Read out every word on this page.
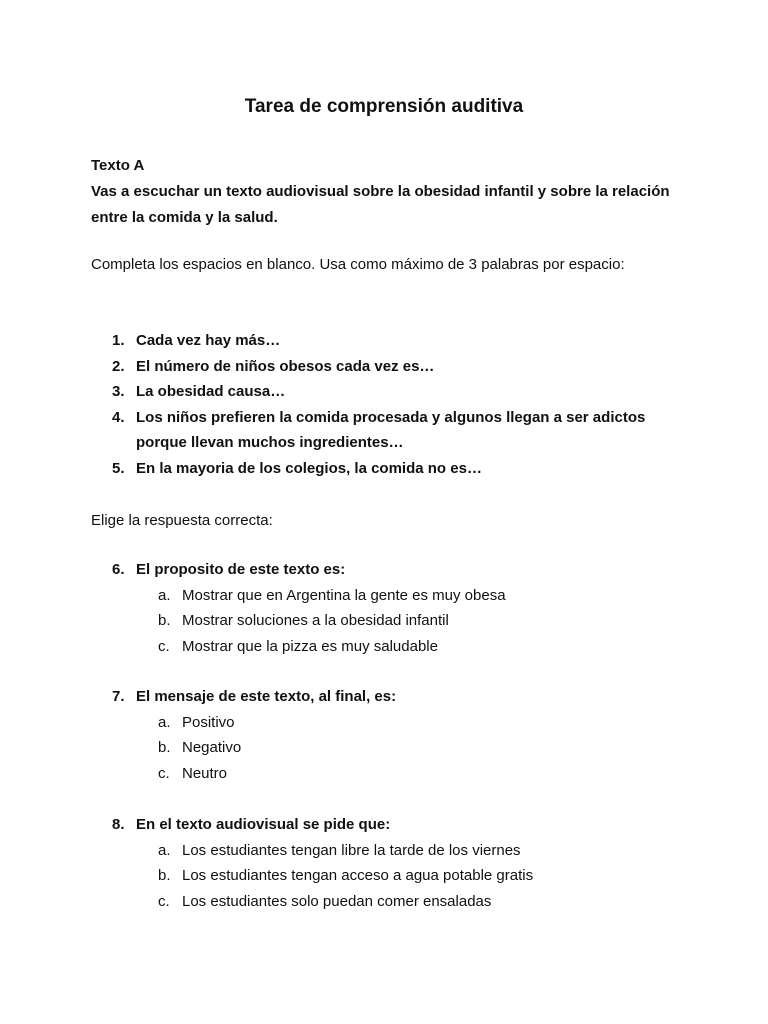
Tarea de comprensión auditiva
Texto A
Vas a escuchar un texto audiovisual sobre la obesidad infantil y sobre la relación entre la comida y la salud.
Completa los espacios en blanco. Usa como máximo de 3 palabras por espacio:
1. Cada vez hay más…
2. El número de niños obesos cada vez es…
3. La obesidad causa…
4. Los niños prefieren la comida procesada y algunos llegan a ser adictos porque llevan muchos ingredientes…
5. En la mayoria de los colegios, la comida no es…
Elige la respuesta correcta:
6. El proposito de este texto es:
a. Mostrar que en Argentina la gente es muy obesa
b. Mostrar soluciones a la obesidad infantil
c. Mostrar que la pizza es muy saludable
7. El mensaje de este texto, al final, es:
a. Positivo
b. Negativo
c. Neutro
8. En el texto audiovisual se pide que:
a. Los estudiantes tengan libre la tarde de los viernes
b. Los estudiantes tengan acceso a agua potable gratis
c. Los estudiantes solo puedan comer ensaladas
